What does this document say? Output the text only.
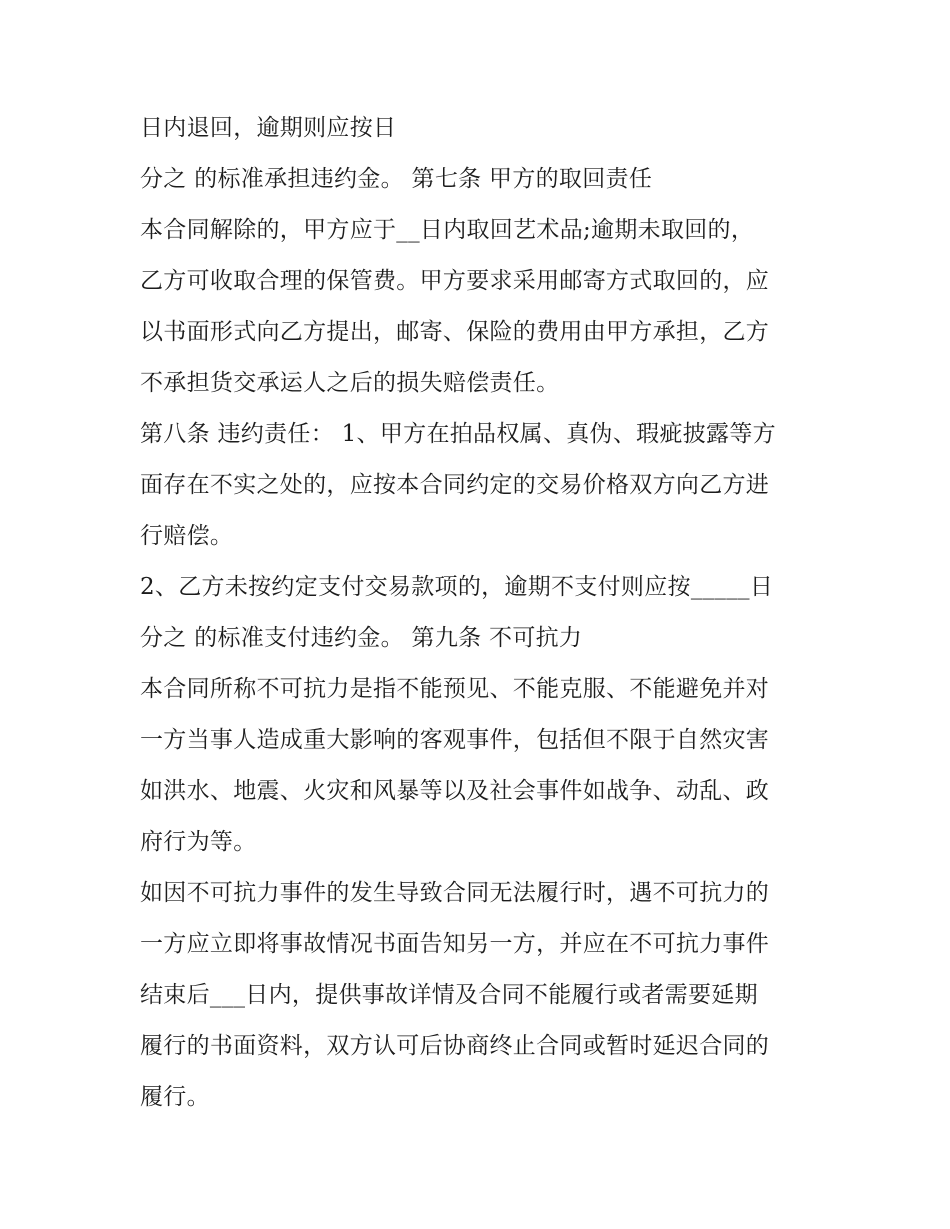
日内退回，逾期则应按日
分之 的标准承担违约金。 第七条 甲方的取回责任
本合同解除的，甲方应于__日内取回艺术品;逾期未取回的，
乙方可收取合理的保管费。甲方要求采用邮寄方式取回的，应
以书面形式向乙方提出，邮寄、保险的费用由甲方承担，乙方
不承担货交承运人之后的损失赔偿责任。
第八条 违约责任： 1、甲方在拍品权属、真伪、瑕疵披露等方
面存在不实之处的，应按本合同约定的交易价格双方向乙方进
行赔偿。
2、乙方未按约定支付交易款项的，逾期不支付则应按_____日
分之 的标准支付违约金。 第九条 不可抗力
本合同所称不可抗力是指不能预见、不能克服、不能避免并对
一方当事人造成重大影响的客观事件，包括但不限于自然灾害
如洪水、地震、火灾和风暴等以及社会事件如战争、动乱、政
府行为等。
如因不可抗力事件的发生导致合同无法履行时，遇不可抗力的
一方应立即将事故情况书面告知另一方，并应在不可抗力事件
结束后___日内，提供事故详情及合同不能履行或者需要延期
履行的书面资料，双方认可后协商终止合同或暂时延迟合同的
履行。
